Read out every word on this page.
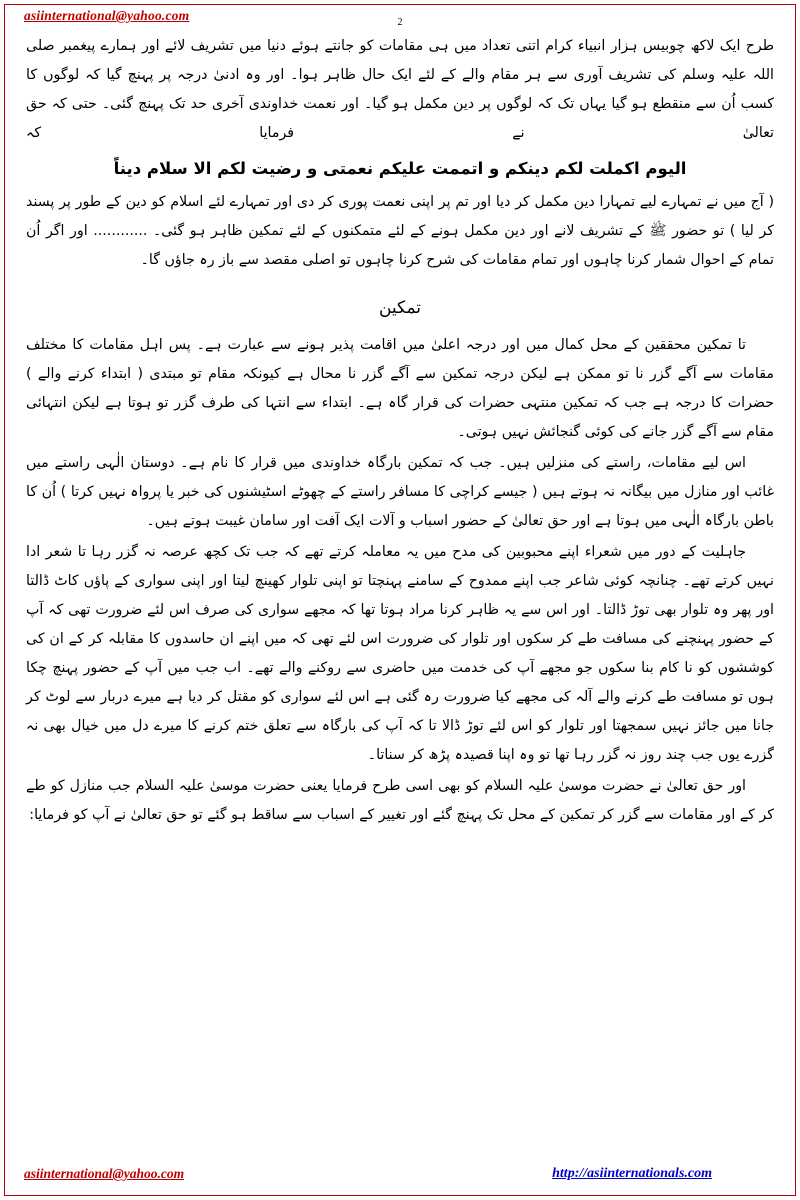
asiinternational@yahoo.com	2

طرح ایک لاکھ چوبیس ہزار انبیاء کرام اتنی تعداد میں ہی مقامات کو جانتے ہوئے دنیا میں تشریف لائے اور ہمارے پیغمبر صلی اللہ علیہ وسلم کی تشریف آوری سے ہر مقام والے کے لئے ایک حال ظاہر ہوا۔ اور وہ ادنیٰ درجہ پر پہنچ گیا کہ لوگوں کا کسب اُن سے منقطع ہو گیا یہاں تک کہ لوگوں پر دین مکمل ہو گیا۔ اور نعمت خداوندی آخری حد تک پہنچ گئی۔ حتی کہ حق تعالیٰ نے فرمایا کہ

الیوم اکملت لکم دینکم و اتممت علیکم نعمتی و رضیت لکم الا سلام دیناً

( آج میں نے تمہارے لیے تمہارا دین مکمل کر دیا اور تم پر اپنی نعمت پوری کر دی اور تمہارے لئے اسلام کو دین کے طور پر پسند کر لیا ) تو حضور ﷺ کے تشریف لانے اور دین مکمل ہونے کے لئے متمکنوں کے لئے تمکین ظاہر ہو گئی۔ ............ اور اگر اُن تمام کے احوال شمار کرنا چاہوں اور تمام مقامات کی شرح کرنا چاہوں تو اصلی مقصد سے باز رہ جاؤں گا۔

تمکین

تا تمکین محققین کے محل کمال میں اور درجہ اعلیٰ میں اقامت پذیر ہونے سے عبارت ہے۔ پس اہل مقامات کا مختلف مقامات سے آگے گزر نا تو ممکن ہے لیکن درجہ تمکین سے آگے گزر نا محال ہے کیونکہ مقام تو مبتدی ( ابتداء کرنے والے ) حضرات کا درجہ ہے جب کہ تمکین منتہی حضرات کی قرار گاہ ہے۔ ابتداء سے انتہا کی طرف گزر تو ہوتا ہے لیکن انتہائی مقام سے آگے گزر جانے کی کوئی گنجائش نہیں ہوتی۔

اس لیے مقامات، راستے کی منزلیں ہیں۔ جب کہ تمکین بارگاہ خداوندی میں قرار کا نام ہے۔ دوستان الٰہی راستے میں غائب اور منازل میں بیگانہ نہ ہوتے ہیں ( جیسے کراچی کا مسافر راستے کے چھوٹے اسٹیشنوں کی خبر یا پرواہ نہیں کرتا ) اُن کا باطن بارگاہ الٰہی میں ہوتا ہے اور حق تعالیٰ کے حضور اسباب و آلات ایک آفت اور سامان غیبت ہوتے ہیں۔

جاہلیت کے دور میں شعراء اپنے محبوبین کی مدح میں یہ معاملہ کرتے تھے کہ جب تک کچھ عرصہ نہ گزر رہا تا شعر ادا نہیں کرتے تھے۔ چنانچہ کوئی شاعر جب اپنے ممدوح کے سامنے پہنچتا تو اپنی تلوار کھینچ لیتا اور اپنی سواری کے پاؤں کاٹ ڈالتا اور پھر وہ تلوار بھی توڑ ڈالتا۔ اور اس سے یہ ظاہر کرنا مراد ہوتا تھا کہ مجھے سواری کی صرف اس لئے ضرورت تھی کہ آپ کے حضور پہنچنے کی مسافت طے کر سکوں اور تلوار کی ضرورت اس لئے تھی کہ میں اپنے ان حاسدوں کا مقابلہ کر کے ان کی کوششوں کو نا کام بنا سکوں جو مجھے آپ کی خدمت میں حاضری سے روکنے والے تھے۔ اب جب میں آپ کے حضور پہنچ چکا ہوں تو مسافت طے کرنے والے آلہ کی مجھے کیا ضرورت رہ گئی ہے اس لئے سواری کو مقتل کر دیا ہے میرے دربار سے لوٹ کر جانا میں جائز نہیں سمجھتا اور تلوار کو اس لئے توڑ ڈالا تا کہ آپ کی بارگاہ سے تعلق ختم کرنے کا میرے دل میں خیال بھی نہ گزرے یوں جب چند روز نہ گزر رہا تھا تو وہ اپنا قصیدہ پڑھ کر سناتا۔

اور حق تعالیٰ نے حضرت موسیٰ علیہ السلام کو بھی اسی طرح فرمایا یعنی حضرت موسیٰ علیہ السلام جب منازل کو طے کر کے اور مقامات سے گزر کر تمکین کے محل تک پہنچ گئے اور تغییر کے اسباب سے ساقط ہو گئے تو حق تعالیٰ نے آپ کو فرمایا:

asiinternational@yahoo.com	http://asiinternationals.com
